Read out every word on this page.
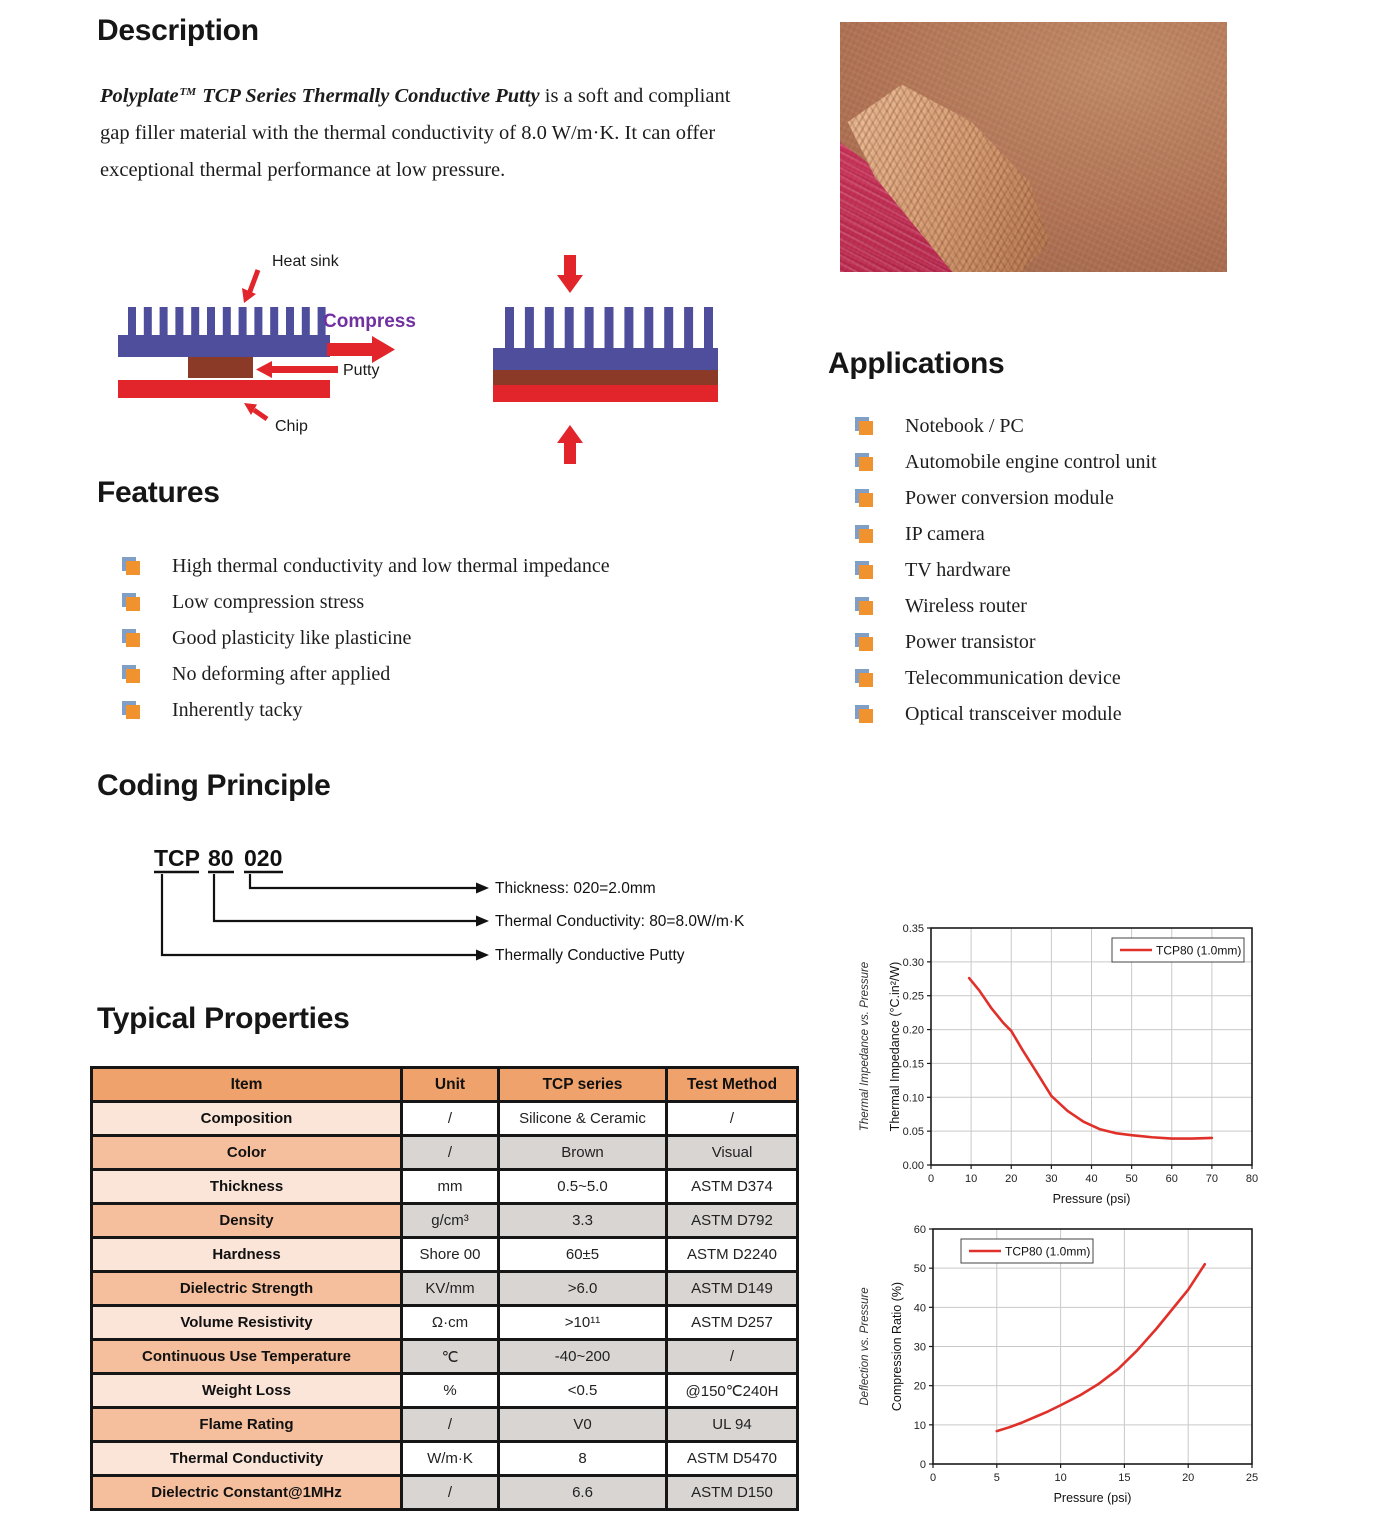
Description

Polyplate™ TCP Series Thermally Conductive Putty is a soft and compliant gap filler material with the thermal conductivity of 8.0 W/m·K. It can offer exceptional thermal performance at low pressure.

Heat sink
Compress
Putty
Chip
Applications
Notebook / PC
Automobile engine control unit
Power conversion module
IP camera
TV hardware
Wireless router
Power transistor
Telecommunication device
Optical transceiver module
Features
High thermal conductivity and low thermal impedance
Low compression stress
Good plasticity like plasticine
No deforming after applied
Inherently tacky
Coding Principle
TCP 80 020
Thickness: 020=2.0mm
Thermal Conductivity: 80=8.0W/m·K
Thermally Conductive Putty
Typical Properties
Item	Unit	TCP series	Test Method
Composition	/	Silicone & Ceramic	/
Color	/	Brown	Visual
Thickness	mm	0.5~5.0	ASTM D374
Density	g/cm³	3.3	ASTM D792
Hardness	Shore 00	60±5	ASTM D2240
Dielectric Strength	KV/mm	>6.0	ASTM D149
Volume Resistivity	Ω·cm	>10¹¹	ASTM D257
Continuous Use Temperature	℃	-40~200	/
Weight Loss	%	<0.5	@150℃240H
Flame Rating	/	V0	UL 94
Thermal Conductivity	W/m·K	8	ASTM D5470
Dielectric Constant@1MHz	/	6.6	ASTM D150
0	10	20	30	40	50	60	70	80
0.00
0.05
0.10
0.15
0.20
0.25
0.30
0.35
TCP80 (1.0mm)
Pressure (psi)
Thermal Impedance (°C.in²/W)
Thermal Impedance vs. Pressure
0	5	10	15	20	25
0
10
20
30
40
50
60
TCP80 (1.0mm)
Pressure (psi)
Compression Ratio (%)
Deflection vs. Pressure
